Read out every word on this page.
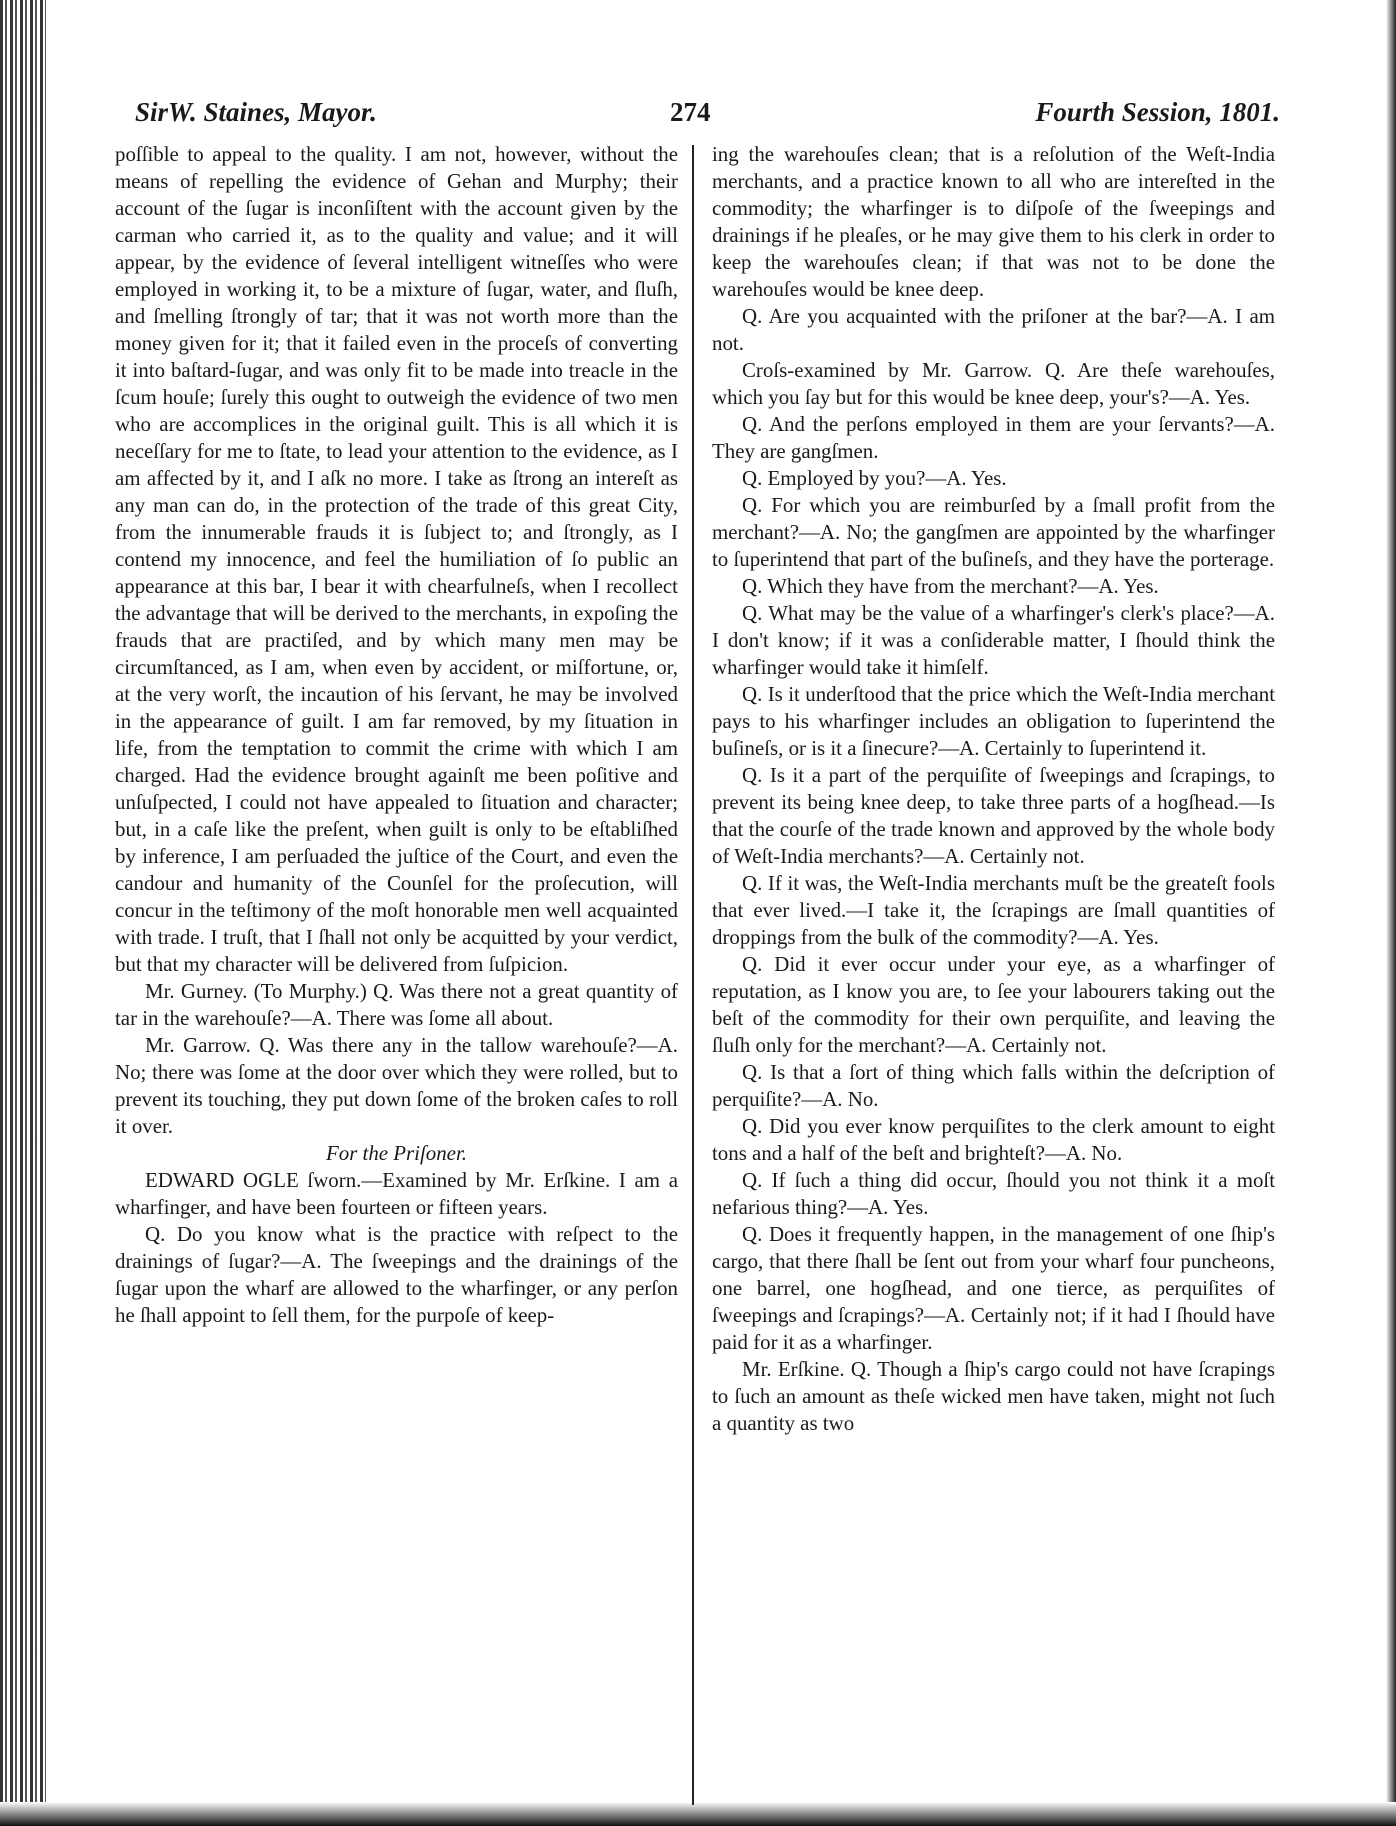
SirW. Staines, Mayor.	274	Fourth Session, 1801.

poſſible to appeal to the quality. I am not, however, without the means of repelling the evidence of Gehan and Murphy; their account of the ſugar is inconſiſtent with the account given by the carman who carried it, as to the quality and value; and it will appear, by the evidence of ſeveral intelligent witneſſes who were employed in working it, to be a mixture of ſugar, water, and ſluſh, and ſmelling ſtrongly of tar; that it was not worth more than the money given for it; that it failed even in the proceſs of converting it into baſtard-ſugar, and was only fit to be made into treacle in the ſcum houſe; ſurely this ought to outweigh the evidence of two men who are accomplices in the original guilt. This is all which it is neceſſary for me to ſtate, to lead your attention to the evidence, as I am affected by it, and I aſk no more. I take as ſtrong an intereſt as any man can do, in the protection of the trade of this great City, from the innumerable frauds it is ſubject to; and ſtrongly, as I contend my innocence, and feel the humiliation of ſo public an appearance at this bar, I bear it with chearfulneſs, when I recollect the advantage that will be derived to the merchants, in expoſing the frauds that are practiſed, and by which many men may be circumſtanced, as I am, when even by accident, or miſfortune, or, at the very worſt, the incaution of his ſervant, he may be involved in the appearance of guilt. I am far removed, by my ſituation in life, from the temptation to commit the crime with which I am charged. Had the evidence brought againſt me been poſitive and unſuſpected, I could not have appealed to ſituation and character; but, in a caſe like the preſent, when guilt is only to be eſtabliſhed by inference, I am perſuaded the juſtice of the Court, and even the candour and humanity of the Counſel for the proſecution, will concur in the teſtimony of the moſt honorable men well acquainted with trade. I truſt, that I ſhall not only be acquitted by your verdict, but that my character will be delivered from ſuſpicion.

Mr. Gurney. (To Murphy.) Q. Was there not a great quantity of tar in the warehouſe?—A. There was ſome all about.

Mr. Garrow. Q. Was there any in the tallow warehouſe?—A. No; there was ſome at the door over which they were rolled, but to prevent its touching, they put down ſome of the broken caſes to roll it over.

For the Priſoner.

EDWARD OGLE ſworn.—Examined by Mr. Erſkine. I am a wharfinger, and have been fourteen or fifteen years.

Q. Do you know what is the practice with reſpect to the drainings of ſugar?—A. The ſweepings and the drainings of the ſugar upon the wharf are allowed to the wharfinger, or any perſon he ſhall appoint to ſell them, for the purpoſe of keep-

ing the warehouſes clean; that is a reſolution of the Weſt-India merchants, and a practice known to all who are intereſted in the commodity; the wharfinger is to diſpoſe of the ſweepings and drainings if he pleaſes, or he may give them to his clerk in order to keep the warehouſes clean; if that was not to be done the warehouſes would be knee deep.

Q. Are you acquainted with the priſoner at the bar?—A. I am not.

Croſs-examined by Mr. Garrow. Q. Are theſe warehouſes, which you ſay but for this would be knee deep, your's?—A. Yes.

Q. And the perſons employed in them are your ſervants?—A. They are gangſmen.

Q. Employed by you?—A. Yes.

Q. For which you are reimburſed by a ſmall profit from the merchant?—A. No; the gangſmen are appointed by the wharfinger to ſuperintend that part of the buſineſs, and they have the porterage.

Q. Which they have from the merchant?—A. Yes.

Q. What may be the value of a wharfinger's clerk's place?—A. I don't know; if it was a conſiderable matter, I ſhould think the wharfinger would take it himſelf.

Q. Is it underſtood that the price which the Weſt-India merchant pays to his wharfinger includes an obligation to ſuperintend the buſineſs, or is it a ſinecure?—A. Certainly to ſuperintend it.

Q. Is it a part of the perquiſite of ſweepings and ſcrapings, to prevent its being knee deep, to take three parts of a hogſhead.—Is that the courſe of the trade known and approved by the whole body of Weſt-India merchants?—A. Certainly not.

Q. If it was, the Weſt-India merchants muſt be the greateſt fools that ever lived.—I take it, the ſcrapings are ſmall quantities of droppings from the bulk of the commodity?—A. Yes.

Q. Did it ever occur under your eye, as a wharfinger of reputation, as I know you are, to ſee your labourers taking out the beſt of the commodity for their own perquiſite, and leaving the ſluſh only for the merchant?—A. Certainly not.

Q. Is that a ſort of thing which falls within the deſcription of perquiſite?—A. No.

Q. Did you ever know perquiſites to the clerk amount to eight tons and a half of the beſt and brighteſt?—A. No.

Q. If ſuch a thing did occur, ſhould you not think it a moſt nefarious thing?—A. Yes.

Q. Does it frequently happen, in the management of one ſhip's cargo, that there ſhall be ſent out from your wharf four puncheons, one barrel, one hogſhead, and one tierce, as perquiſites of ſweepings and ſcrapings?—A. Certainly not; if it had I ſhould have paid for it as a wharfinger.

Mr. Erſkine. Q. Though a ſhip's cargo could not have ſcrapings to ſuch an amount as theſe wicked men have taken, might not ſuch a quantity as two
